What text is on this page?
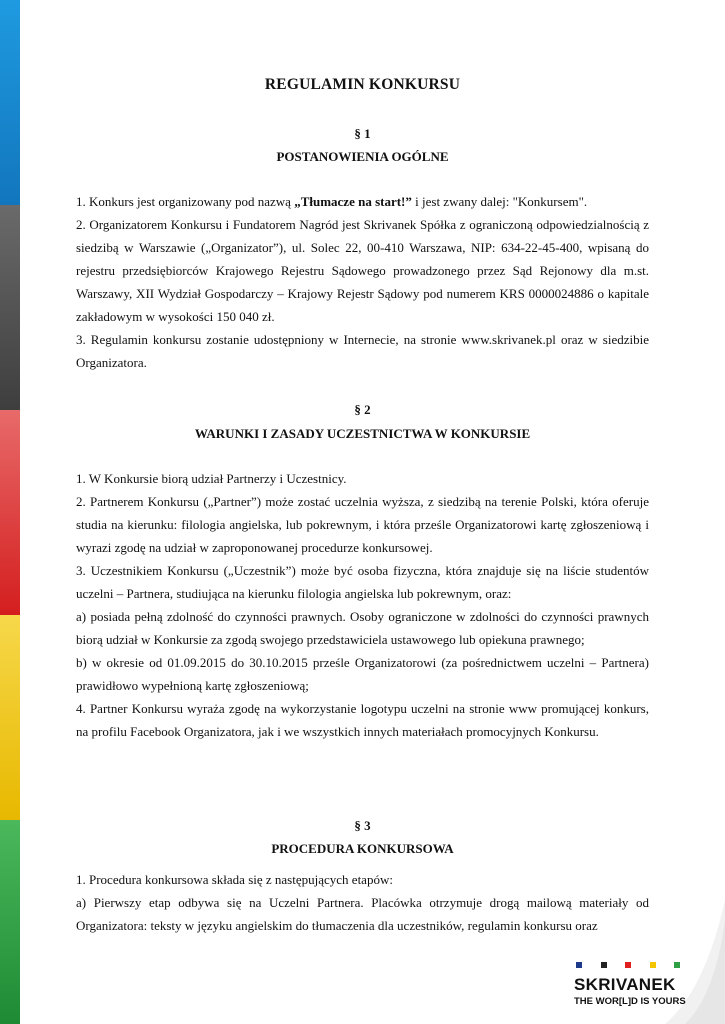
REGULAMIN KONKURSU
§ 1
POSTANOWIENIA OGÓLNE

1. Konkurs jest organizowany pod nazwą „Tłumacze na start!” i jest zwany dalej: "Konkursem".

2. Organizatorem Konkursu i Fundatorem Nagród jest Skrivanek Spółka z ograniczoną odpowiedzialnością z siedzibą w Warszawie („Organizator”), ul. Solec 22, 00-410 Warszawa, NIP: 634-22-45-400, wpisaną do rejestru przedsiębiorców Krajowego Rejestru Sądowego prowadzonego przez Sąd Rejonowy dla m.st. Warszawy, XII Wydział Gospodarczy – Krajowy Rejestr Sądowy pod numerem KRS 0000024886 o kapitale zakładowym w wysokości 150 040 zł.

3. Regulamin konkursu zostanie udostępniony w Internecie, na stronie www.skrivanek.pl oraz w siedzibie Organizatora.

§ 2
WARUNKI I ZASADY UCZESTNICTWA W KONKURSIE

1. W Konkursie biorą udział Partnerzy i Uczestnicy.

2. Partnerem Konkursu („Partner”) może zostać uczelnia wyższa, z siedzibą na terenie Polski, która oferuje studia na kierunku: filologia angielska, lub pokrewnym, i która prześle Organizatorowi kartę zgłoszeniową i wyrazi zgodę na udział w zaproponowanej procedurze konkursowej.

3. Uczestnikiem Konkursu („Uczestnik”) może być osoba fizyczna, która znajduje się na liście studentów uczelni – Partnera, studiująca na kierunku filologia angielska lub pokrewnym, oraz:

a) posiada pełną zdolność do czynności prawnych. Osoby ograniczone w zdolności do czynności prawnych biorą udział w Konkursie za zgodą swojego przedstawiciela ustawowego lub opiekuna prawnego;

b) w okresie od 01.09.2015 do 30.10.2015 prześle Organizatorowi (za pośrednictwem uczelni – Partnera) prawidłowo wypełnioną kartę zgłoszeniową;

4. Partner Konkursu wyraża zgodę na wykorzystanie logotypu uczelni na stronie www promującej konkurs, na profilu Facebook Organizatora, jak i we wszystkich innych materiałach promocyjnych Konkursu.

§ 3
PROCEDURA KONKURSOWA

1. Procedura konkursowa składa się z następujących etapów:

a) Pierwszy etap odbywa się na Uczelni Partnera. Placówka otrzymuje drogą mailową materiały od Organizatora: teksty w języku angielskim do tłumaczenia dla uczestników, regulamin konkursu oraz

SKRIVANEK
THE WOR[L]D IS YOURS
